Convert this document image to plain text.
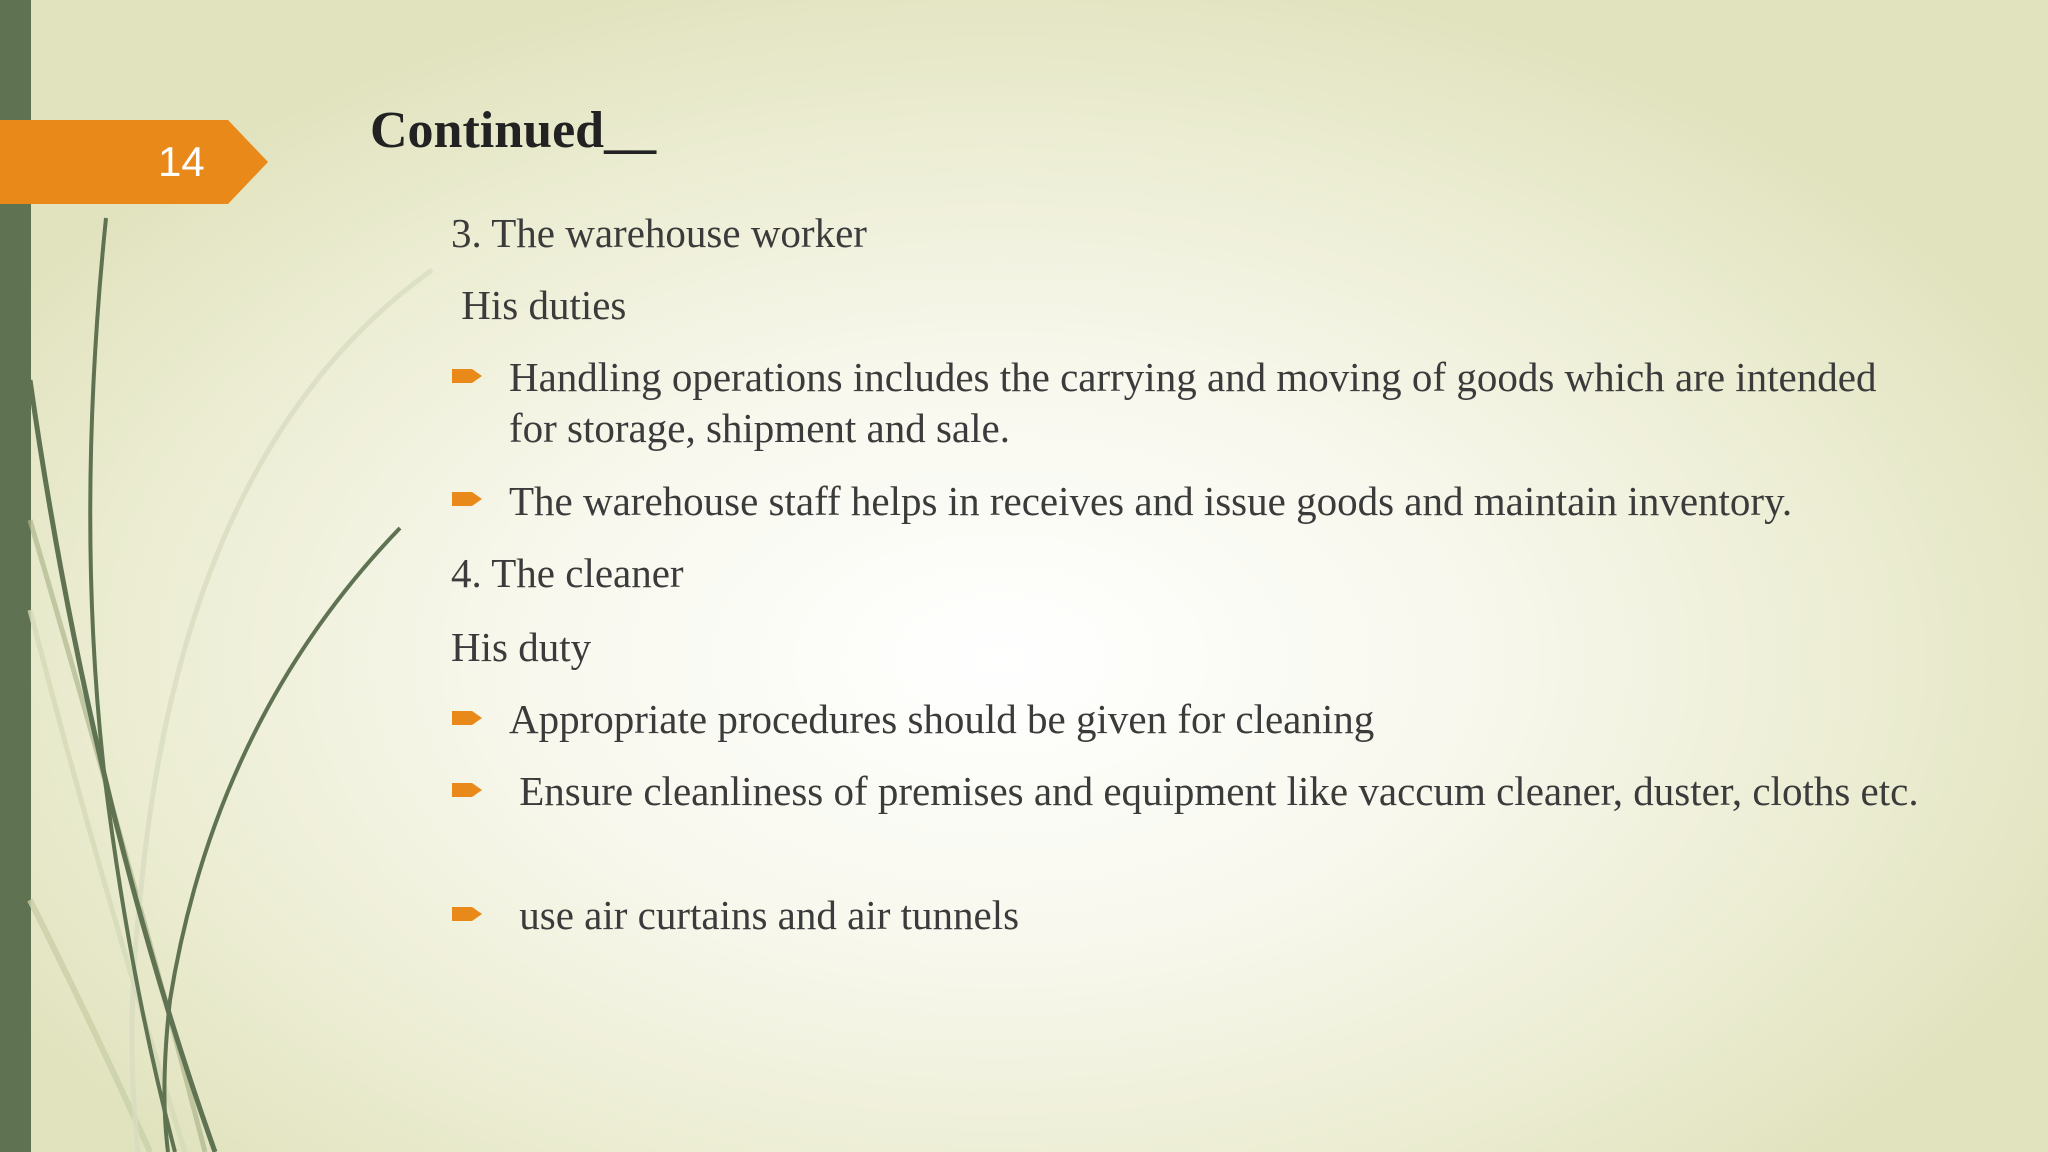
14
Continued__
3. The warehouse worker
His duties
Handling operations includes the carrying and moving of goods which are intended for storage, shipment and sale.
The warehouse staff helps in receives and issue goods and maintain inventory.
4. The cleaner
His duty
Appropriate procedures should be given for cleaning
Ensure cleanliness of premises and equipment like vaccum cleaner, duster, cloths etc.
use air curtains and air tunnels
